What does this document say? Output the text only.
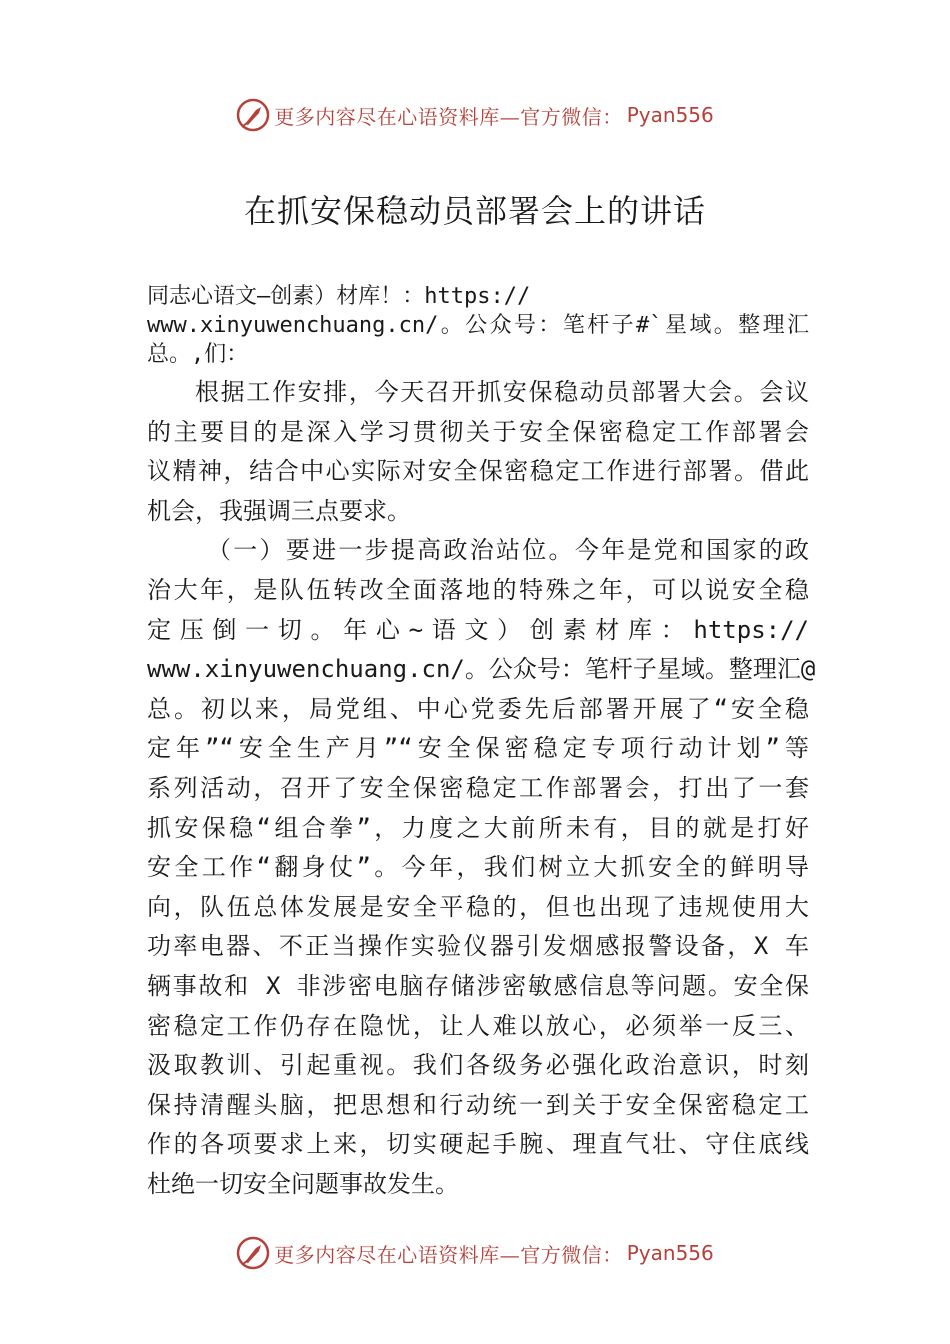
更多内容尽在心语资料库—官方微信： Pyan556
在抓安保稳动员部署会上的讲话
同志心语文—创素）材库！：https://
www.xinyuwenchuang.cn/。公众号：笔杆子#`星域。整理汇
总。,们：
根据工作安排，今天召开抓安保稳动员部署大会。会议
的主要目的是深入学习贯彻关于安全保密稳定工作部署会
议精神，结合中心实际对安全保密稳定工作进行部署。借此
机会，我强调三点要求。
（一）要进一步提高政治站位。今年是党和国家的政
治大年，是队伍转改全面落地的特殊之年，可以说安全稳
定压倒一切。年心~语文）创素材库：https://
www.xinyuwenchuang.cn/。公众号：笔杆子星域。整理汇@
总。初以来，局党组、中心党委先后部署开展了“安全稳
定年”“安全生产月”“安全保密稳定专项行动计划”等
系列活动，召开了安全保密稳定工作部署会，打出了一套
抓安保稳“组合拳”，力度之大前所未有，目的就是打好
安全工作“翻身仗”。今年，我们树立大抓安全的鲜明导
向，队伍总体发展是安全平稳的，但也出现了违规使用大
功率电器、不正当操作实验仪器引发烟感报警设备，X 车
辆事故和 X 非涉密电脑存储涉密敏感信息等问题。安全保
密稳定工作仍存在隐忧，让人难以放心，必须举一反三、
汲取教训、引起重视。我们各级务必强化政治意识，时刻
保持清醒头脑，把思想和行动统一到关于安全保密稳定工
作的各项要求上来，切实硬起手腕、理直气壮、守住底线
杜绝一切安全问题事故发生。
更多内容尽在心语资料库—官方微信： Pyan556
